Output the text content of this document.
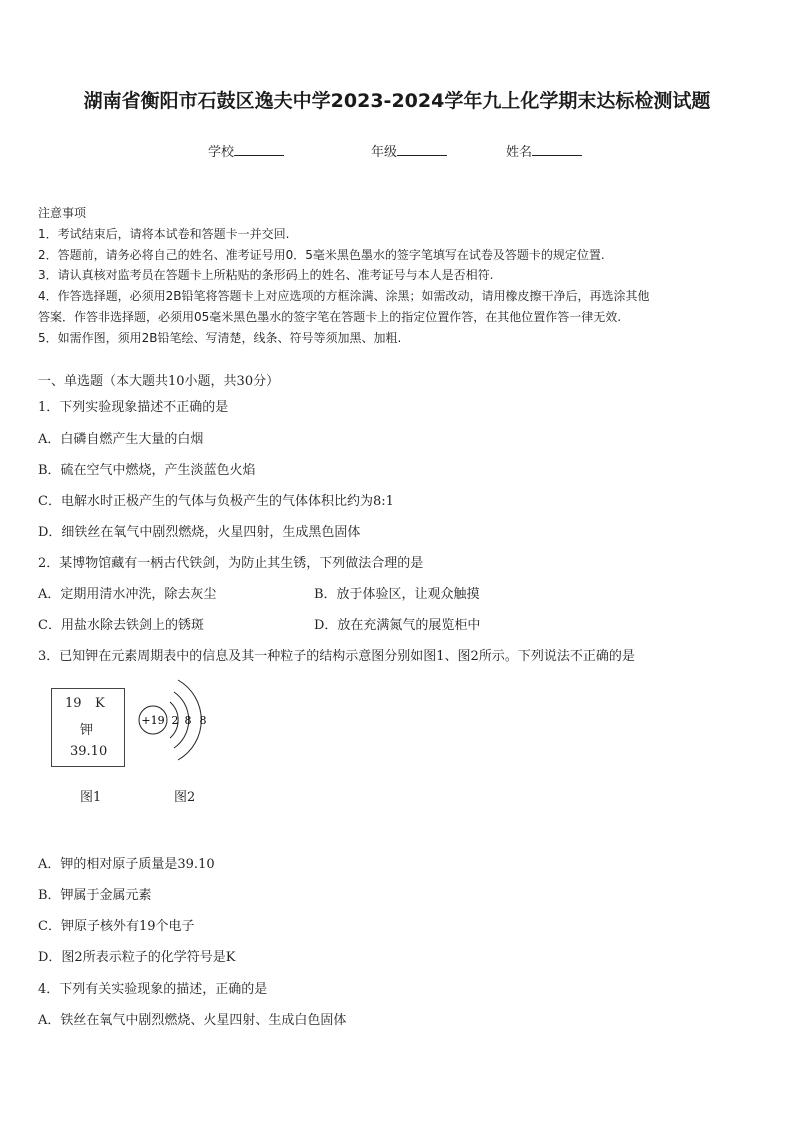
湖南省衡阳市石鼓区逸夫中学2023-2024学年九上化学期末达标检测试题
学校	年级	姓名
注意事项
1．考试结束后，请将本试卷和答题卡一并交回.
2．答题前，请务必将自己的姓名、准考证号用0．5毫米黑色墨水的签字笔填写在试卷及答题卡的规定位置.
3．请认真核对监考员在答题卡上所粘贴的条形码上的姓名、准考证号与本人是否相符.
4．作答选择题，必须用2B铅笔将答题卡上对应选项的方框涂满、涂黑；如需改动，请用橡皮擦干净后，再选涂其他
答案．作答非选择题，必须用05毫米黑色墨水的签字笔在答题卡上的指定位置作答，在其他位置作答一律无效.
5．如需作图，须用2B铅笔绘、写清楚，线条、符号等须加黑、加粗.
一、单选题（本大题共10小题，共30分）
1．下列实验现象描述不正确的是
A．白磷自燃产生大量的白烟
B．硫在空气中燃烧，产生淡蓝色火焰
C．电解水时正极产生的气体与负极产生的气体体积比约为8:1
D．细铁丝在氧气中剧烈燃烧，火星四射，生成黑色固体
2．某博物馆藏有一柄古代铁剑，为防止其生锈，下列做法合理的是
A．定期用清水冲洗，除去灰尘	B．放于体验区，让观众触摸
C．用盐水除去铁剑上的锈斑	D．放在充满氮气的展览柜中
3．已知钾在元素周期表中的信息及其一种粒子的结构示意图分别如图1、图2所示。下列说法不正确的是
19 K
钾
39.10
图1
+19 2 8 8
图2
A．钾的相对原子质量是39.10
B．钾属于金属元素
C．钾原子核外有19个电子
D．图2所表示粒子的化学符号是K
4．下列有关实验现象的描述，正确的是
A．铁丝在氧气中剧烈燃烧、火星四射、生成白色固体
